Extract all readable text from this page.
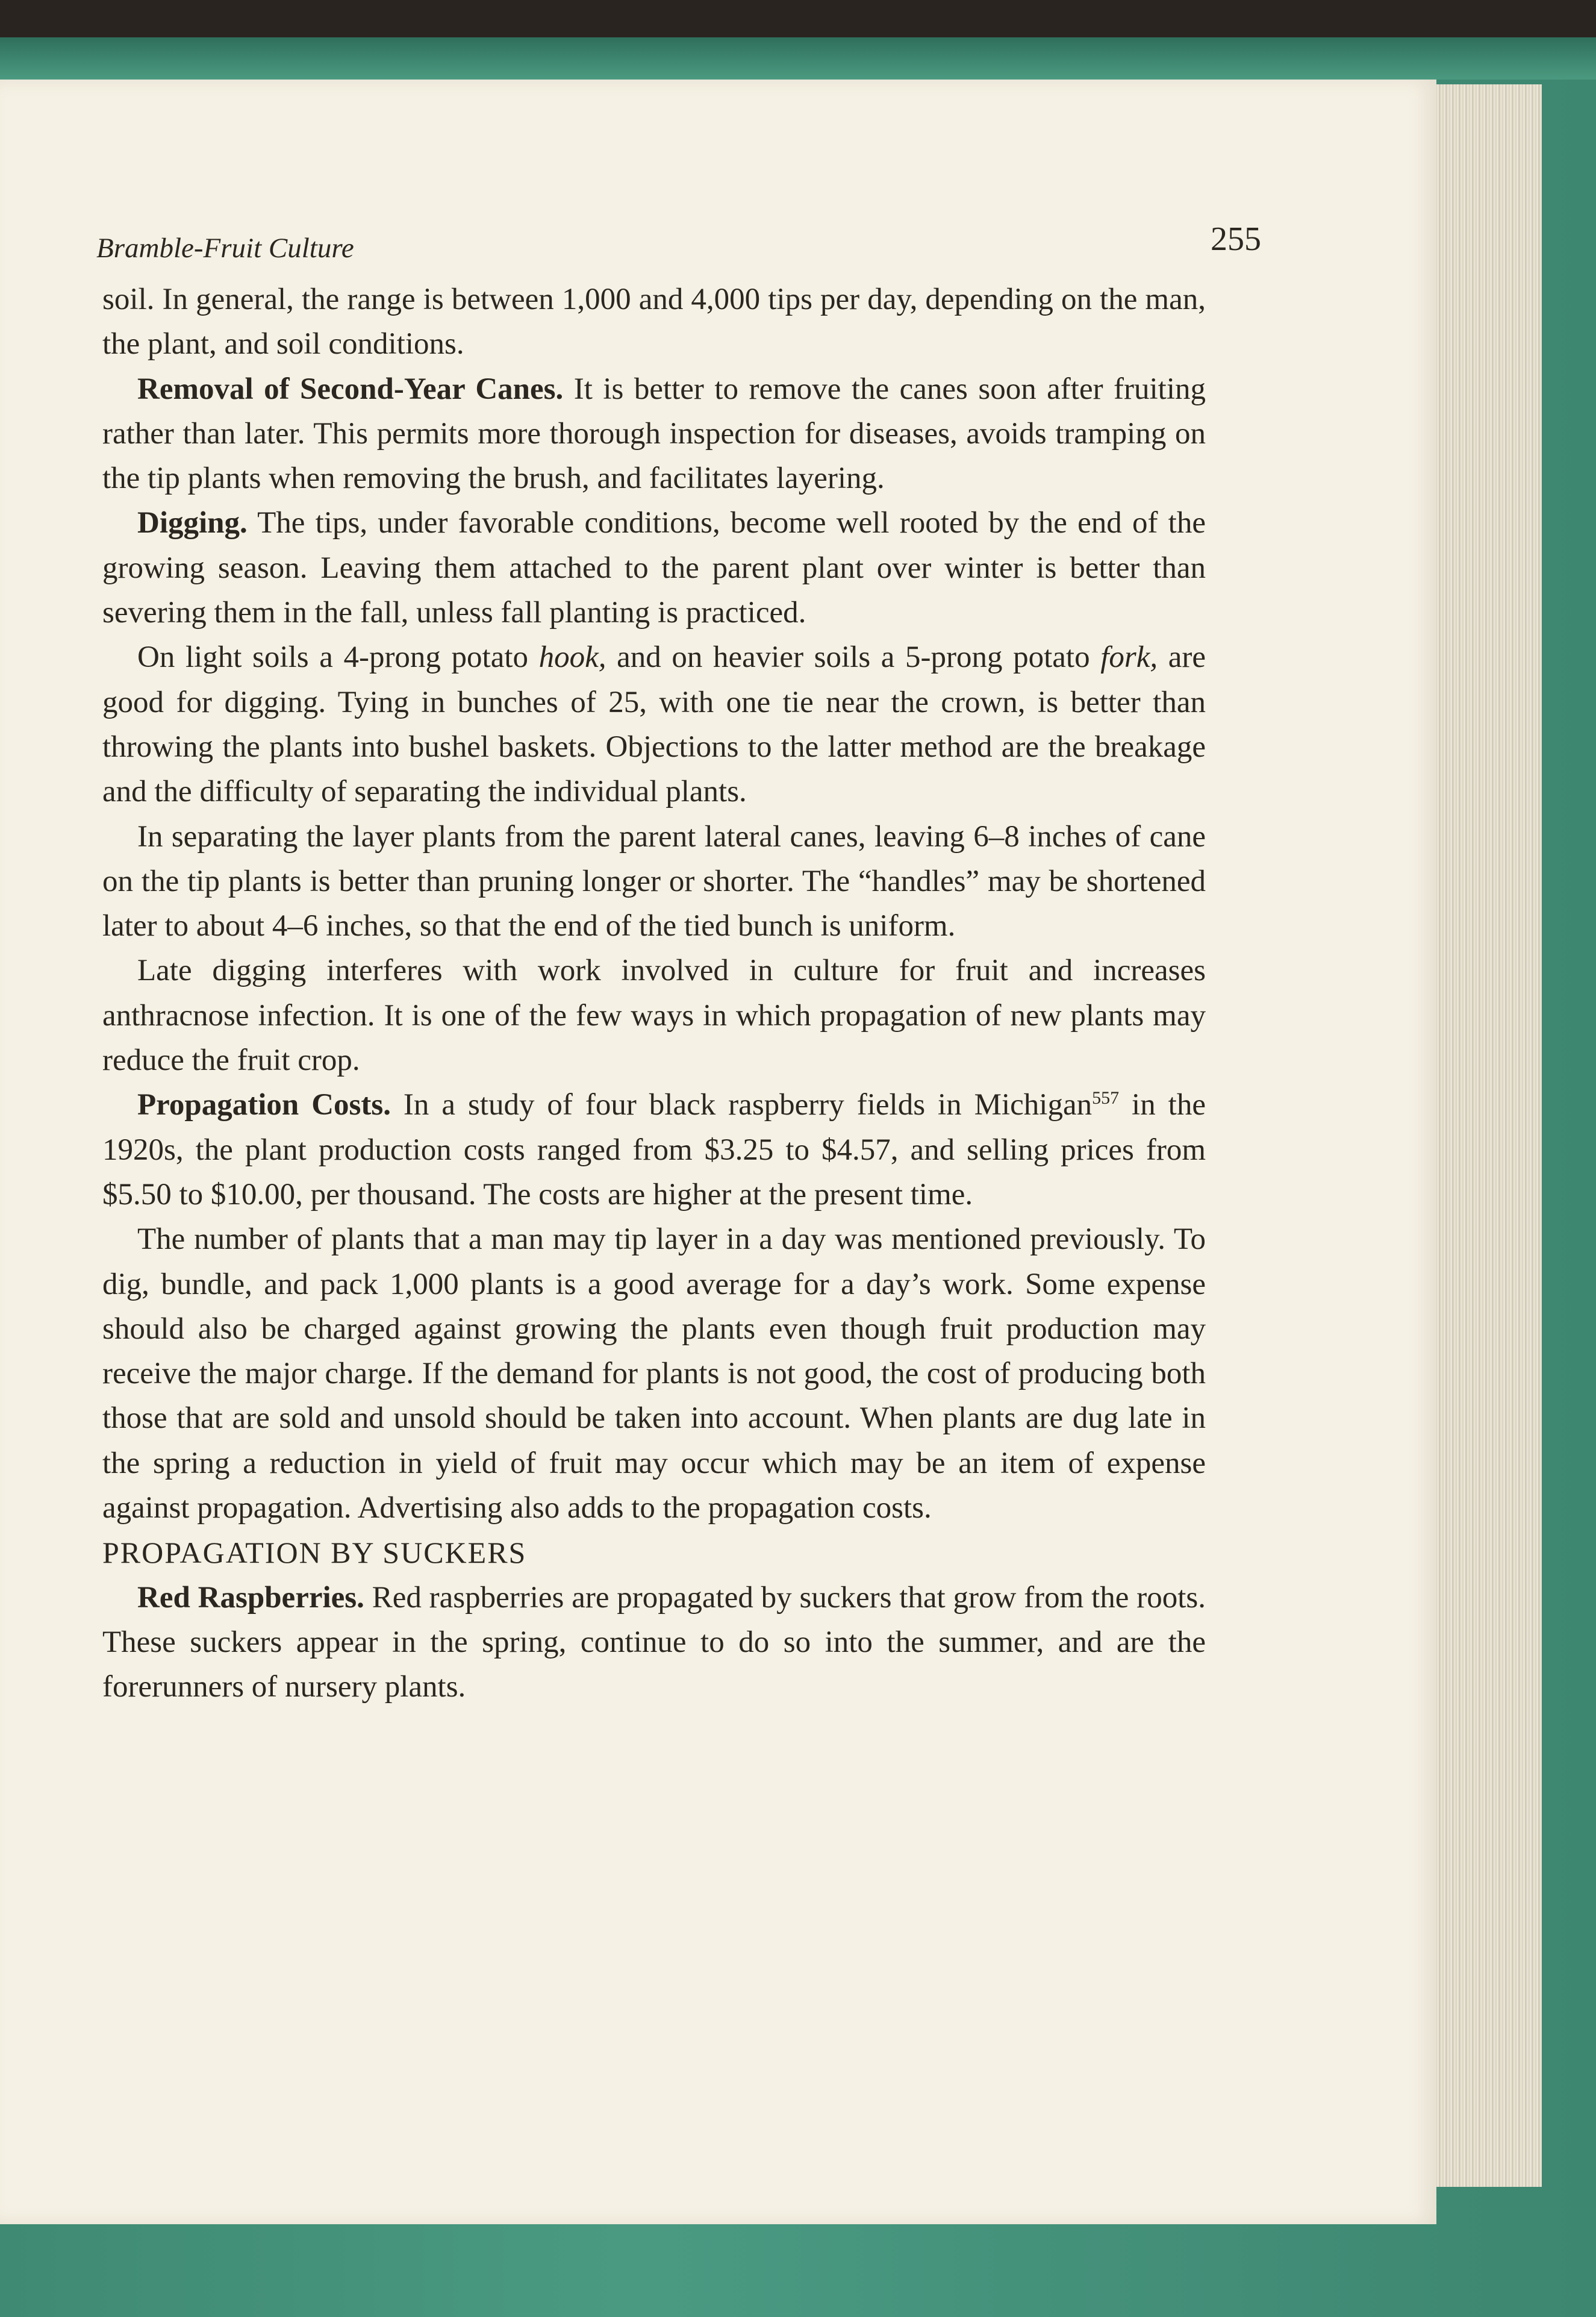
Bramble-Fruit Culture	255

soil. In general, the range is between 1,000 and 4,000 tips per day, depending on the man, the plant, and soil conditions.

Removal of Second-Year Canes. It is better to remove the canes soon after fruiting rather than later. This permits more thorough inspection for diseases, avoids tramping on the tip plants when removing the brush, and facilitates layering.

Digging. The tips, under favorable conditions, become well rooted by the end of the growing season. Leaving them attached to the parent plant over winter is better than severing them in the fall, unless fall planting is practiced.

On light soils a 4-prong potato hook, and on heavier soils a 5-prong potato fork, are good for digging. Tying in bunches of 25, with one tie near the crown, is better than throwing the plants into bushel baskets. Objections to the latter method are the breakage and the difficulty of separating the individual plants.

In separating the layer plants from the parent lateral canes, leaving 6–8 inches of cane on the tip plants is better than pruning longer or shorter. The “handles” may be shortened later to about 4–6 inches, so that the end of the tied bunch is uniform.

Late digging interferes with work involved in culture for fruit and increases anthracnose infection. It is one of the few ways in which propagation of new plants may reduce the fruit crop.

Propagation Costs. In a study of four black raspberry fields in Michigan$^{557}$ in the 1920s, the plant production costs ranged from $3.25 to $4.57, and selling prices from $5.50 to $10.00, per thousand. The costs are higher at the present time.

The number of plants that a man may tip layer in a day was mentioned previously. To dig, bundle, and pack 1,000 plants is a good average for a day’s work. Some expense should also be charged against growing the plants even though fruit production may receive the major charge. If the demand for plants is not good, the cost of producing both those that are sold and unsold should be taken into account. When plants are dug late in the spring a reduction in yield of fruit may occur which may be an item of expense against propagation. Advertising also adds to the propagation costs.

PROPAGATION BY SUCKERS

Red Raspberries. Red raspberries are propagated by suckers that grow from the roots. These suckers appear in the spring, continue to do so into the summer, and are the forerunners of nursery plants.
